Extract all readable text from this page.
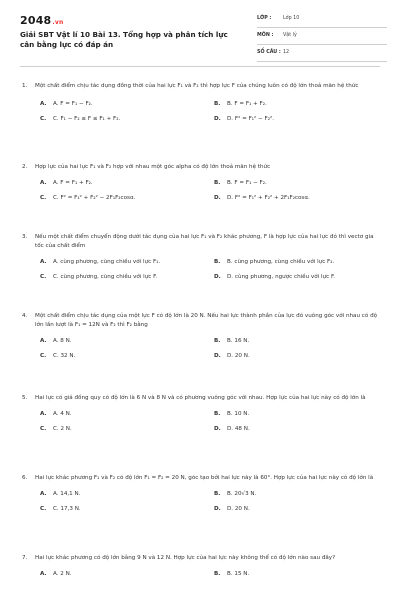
2048.vn
Giải SBT Vật lí 10 Bài 13. Tổng hợp và phân tích lực cân bằng lực có đáp án
LỚP : Lớp 10
MÔN : Vật lý
SỐ CÂU : 12
1. Một chất điểm chịu tác dụng đồng thời của hai lực F₁ và F₂ thì hợp lực F của chúng luôn có độ lớn thoả mãn hệ thức
A. A. F = F₁ − F₂.	B. B. F = F₁ + F₂.
C. C. F₁ − F₂ ≤ F ≤ F₁ + F₂.	D. D. F² = F₁² − F₂².
2. Hợp lực của hai lực F₁ và F₂ hợp với nhau một góc alpha có độ lớn thoả mãn hệ thức
A. A. F = F₁ + F₂.	B. B. F = F₁ − F₂.
C. C. F² = F₁² + F₂² − 2F₁F₂cosα.	D. D. F² = F₁² + F₂² + 2F₁F₂cosα.
3. Nếu một chất điểm chuyển động dưới tác dụng của hai lực F₁ và F₂ khác phương, F là hợp lực của hai lực đó thì vectơ gia tốc của chất điểm
A. A. cùng phương, cùng chiều với lực F₁.	B. B. cùng phương, cùng chiều với lực F₂.
C. C. cùng phương, cùng chiều với lực F.	D. D. cùng phương, ngược chiều với lực F.
4. Một chất điểm chịu tác dụng của một lực F có độ lớn là 20 N. Nếu hai lực thành phần của lực đó vuông góc với nhau có độ lớn lần lượt là F₁ = 12N và F₂ thì F₂ bằng
A. A. 8 N.	B. B. 16 N.
C. C. 32 N.	D. D. 20 N.
5. Hai lực có giá đồng quy có độ lớn là 6 N và 8 N và có phương vuông góc với nhau. Hợp lực của hai lực này có độ lớn là
A. A. 4 N.	B. B. 10 N.
C. C. 2 N.	D. D. 48 N.
6. Hai lực khác phương F₁ và F₂ có độ lớn F₁ = F₂ = 20 N, góc tạo bởi hai lực này là 60°. Hợp lực của hai lực này có độ lớn là
A. A. 14,1 N.	B. B. 20√3 N.
C. C. 17,3 N.	D. D. 20 N.
7. Hai lực khác phương có độ lớn bằng 9 N và 12 N. Hợp lực của hai lực này không thể có độ lớn nào sau đây?
A. A. 2 N.	B. B. 15 N.
